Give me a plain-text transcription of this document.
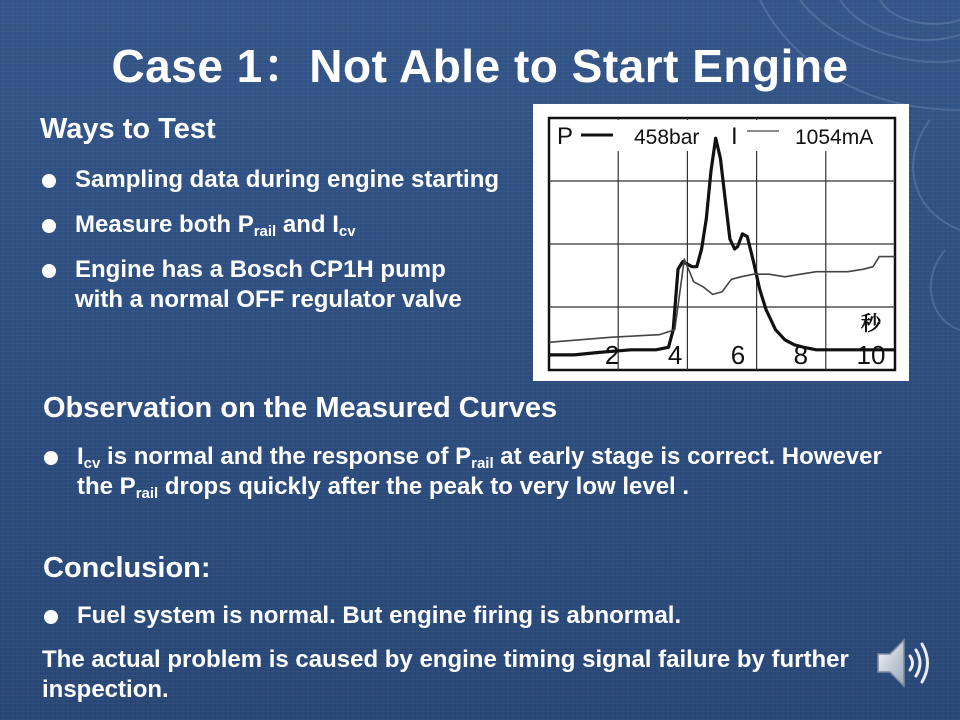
Case 1：Not Able to Start Engine
Ways to Test
Sampling data during engine starting
Measure both $P_{rail}$ and $I_{cv}$
Engine has a Bosch CP1H pump with a normal OFF regulator valve
P	458bar I	1054mA
2 4 6 8 10
秒
Observation on the Measured Curves
$I_{cv}$ is normal and the response of $P_{rail}$ at early stage is correct. However the $P_{rail}$ drops quickly after the peak to very low level .
Conclusion:
Fuel system is normal. But engine firing is abnormal.

The actual problem is caused by engine timing signal failure by further inspection.
